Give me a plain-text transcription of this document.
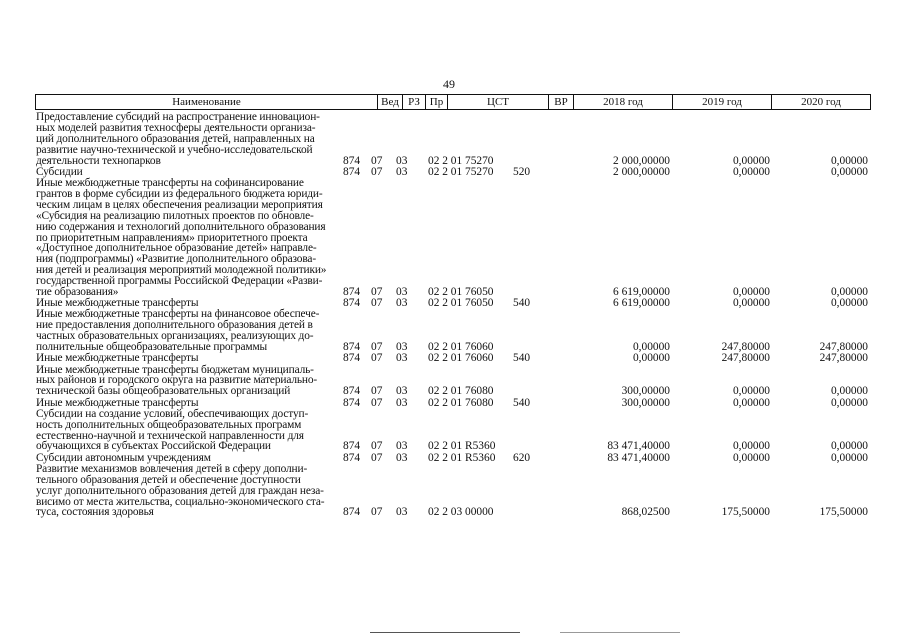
49
Наименование	Вед РЗ Пр	ЦСТ	ВР	2018 год	2019 год	2020 год
Предоставление субсидий на распространение инновацион-
ных моделей развития техносферы деятельности организа-
ций дополнительного образования детей, направленных на
развитие научно-технической и учебно-исследовательской
деятельности технопарков	874 07 03 02 2 01 75270	2 000,00000	0,00000	0,00000
Субсидии	874 07 03 02 2 01 75270	520	2 000,00000	0,00000	0,00000
Иные межбюджетные трансферты на софинансирование
грантов в форме субсидии из федерального бюджета юриди-
ческим лицам в целях обеспечения реализации мероприятия
«Субсидия на реализацию пилотных проектов по обновле-
нию содержания и технологий дополнительного образования
по приоритетным направлениям» приоритетного проекта
«Доступное дополнительное образование детей» направле-
ния (подпрограммы) «Развитие дополнительного образова-
ния детей и реализация мероприятий молодежной политики»
государственной программы Российской Федерации «Разви-
тие образования»	874 07 03 02 2 01 76050	6 619,00000	0,00000	0,00000
Иные межбюджетные трансферты	874 07 03 02 2 01 76050	540	6 619,00000	0,00000	0,00000
Иные межбюджетные трансферты на финансовое обеспече-
ние предоставления дополнительного образования детей в
частных образовательных организациях, реализующих до-
полнительные общеобразовательные программы	874 07 03 02 2 01 76060	0,00000	247,80000	247,80000
Иные межбюджетные трансферты	874 07 03 02 2 01 76060	540	0,00000	247,80000	247,80000
Иные межбюджетные трансферты бюджетам муниципаль-
ных районов и городского округа на развитие материально-
технической базы общеобразовательных организаций	874 07 03 02 2 01 76080	300,00000	0,00000	0,00000
Иные межбюджетные трансферты	874 07 03 02 2 01 76080	540	300,00000	0,00000	0,00000
Субсидии на создание условий, обеспечивающих доступ-
ность дополнительных общеобразовательных программ
естественно-научной и технической направленности для
обучающихся в субъектах Российской Федерации	874 07 03 02 2 01 R5360	83 471,40000	0,00000	0,00000
Субсидии автономным учреждениям	874 07 03 02 2 01 R5360	620	83 471,40000	0,00000	0,00000
Развитие механизмов вовлечения детей в сферу дополни-
тельного образования детей и обеспечение доступности
услуг дополнительного образования детей для граждан неза-
висимо от места жительства, социально-экономического ста-
туса, состояния здоровья	874 07 03 02 2 03 00000	868,02500	175,50000	175,50000
